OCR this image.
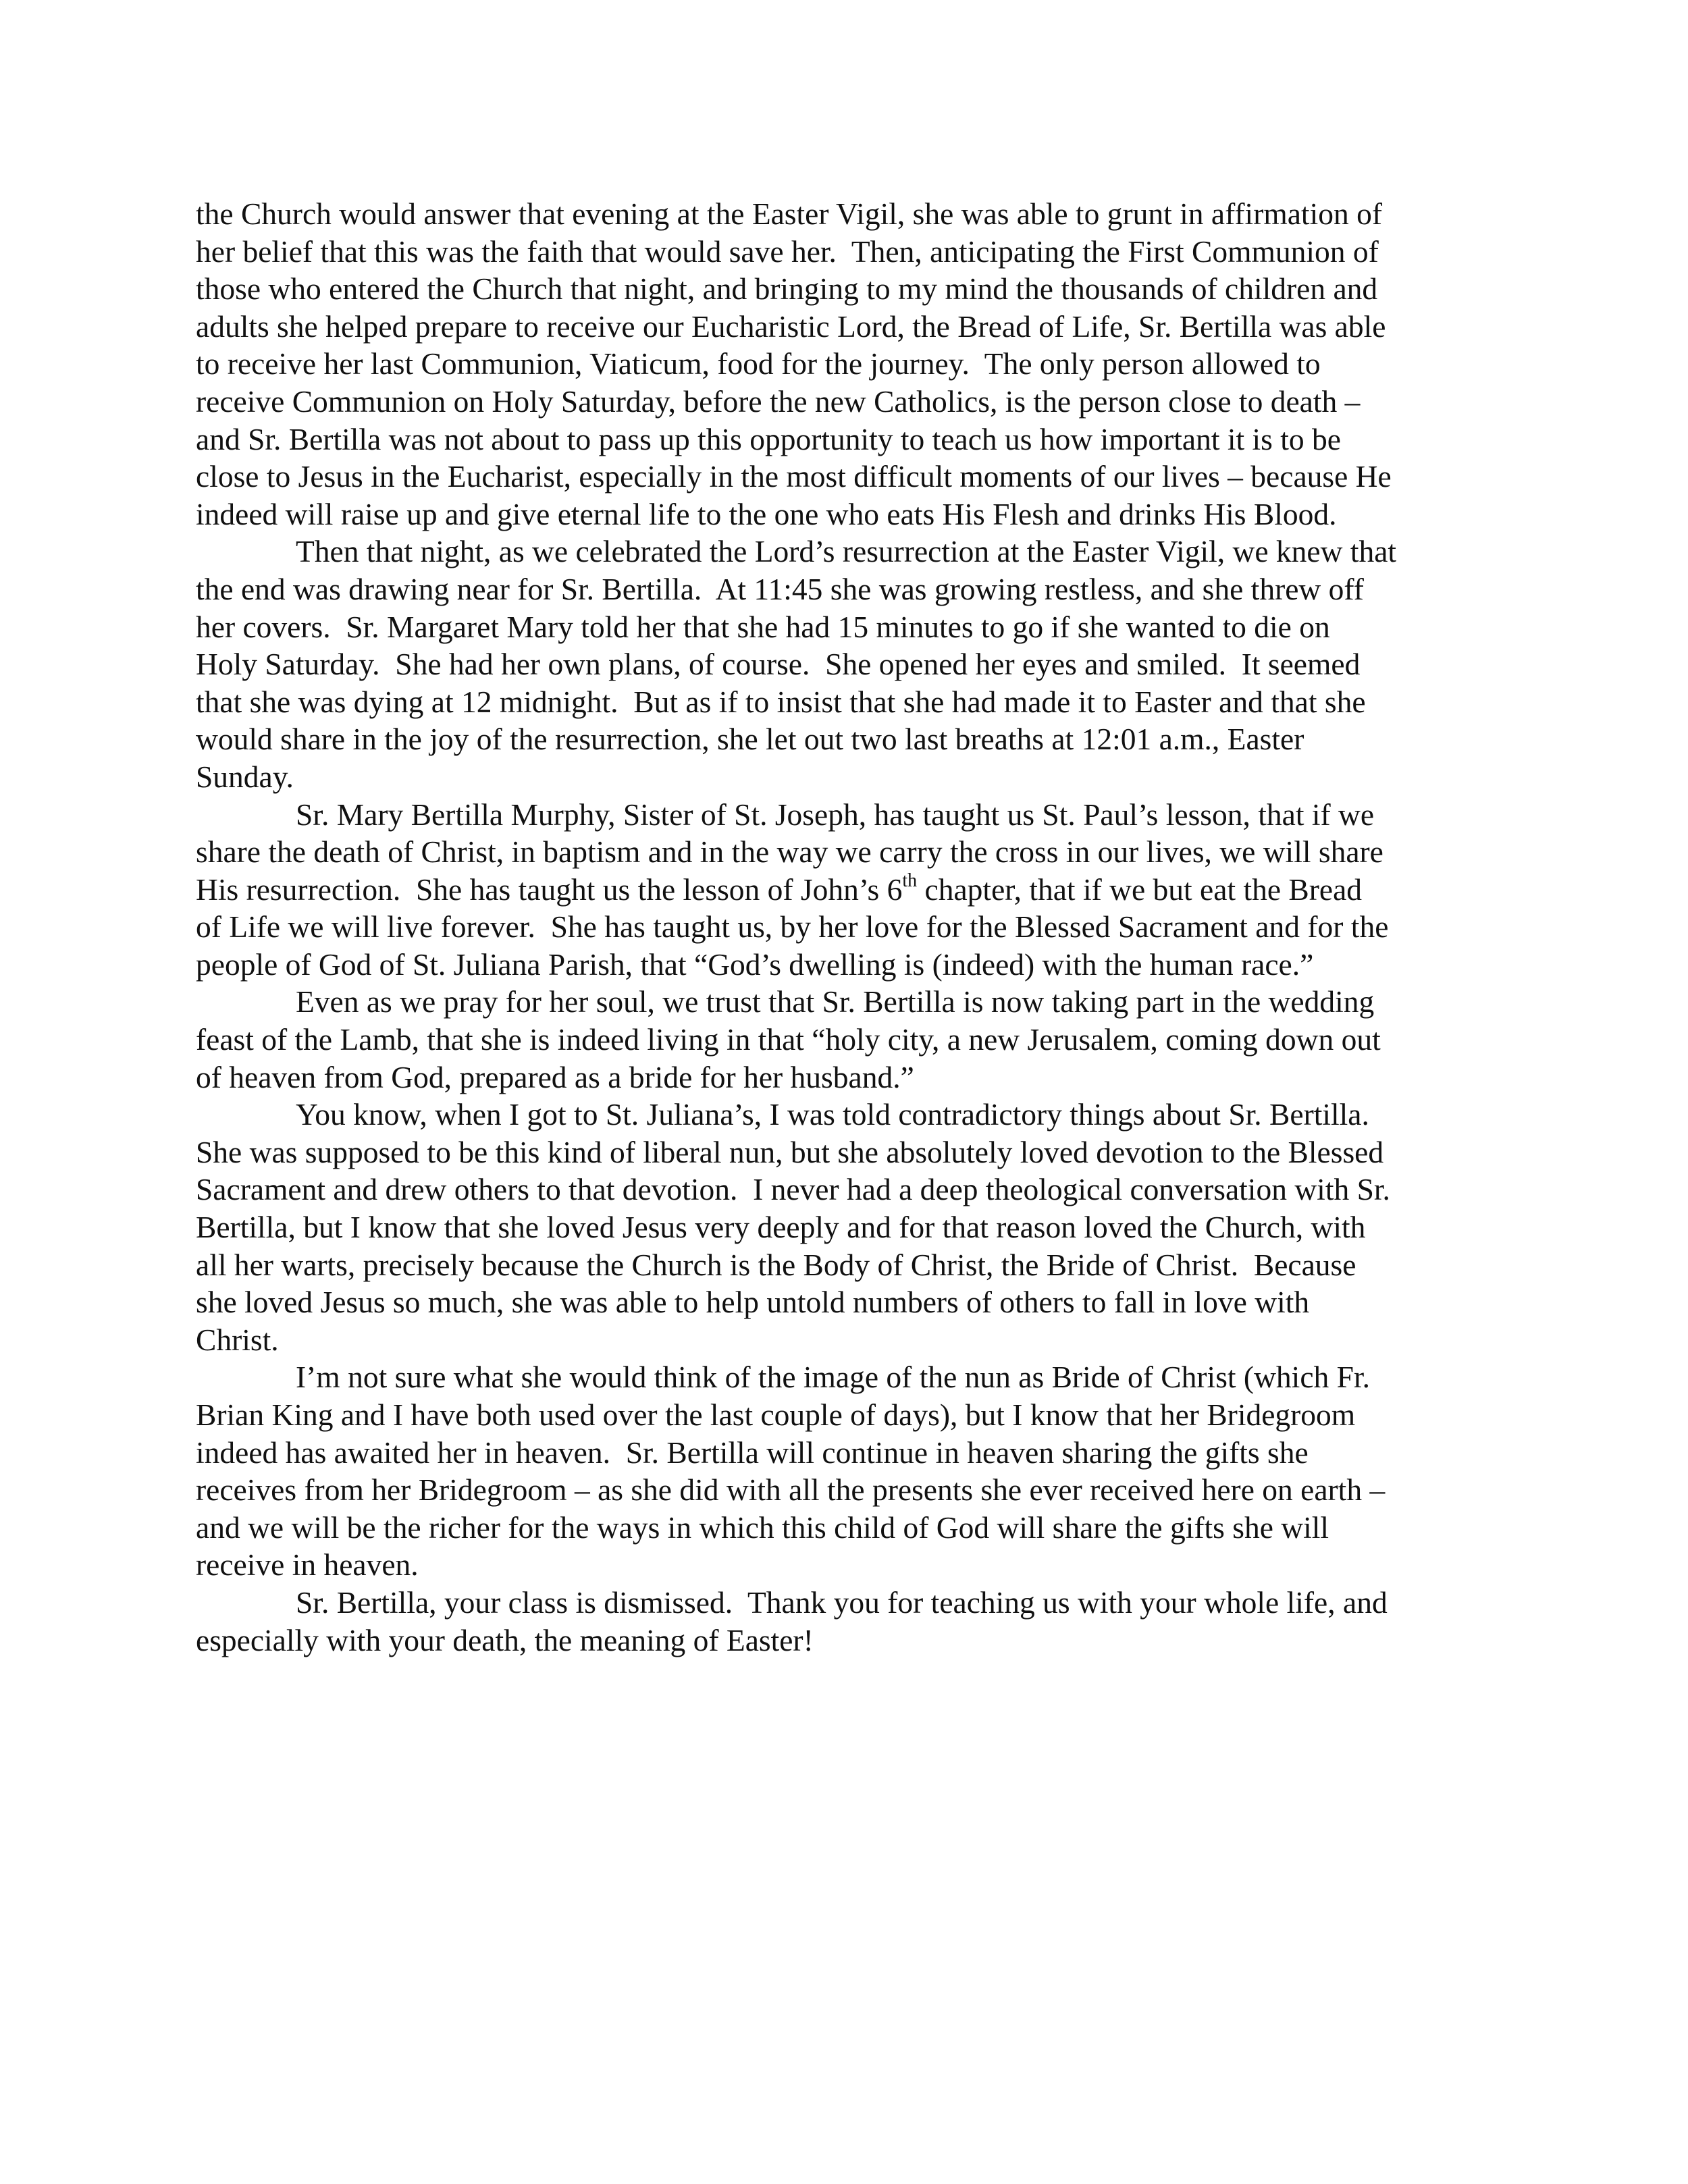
the Church would answer that evening at the Easter Vigil, she was able to grunt in affirmation of
her belief that this was the faith that would save her.  Then, anticipating the First Communion of
those who entered the Church that night, and bringing to my mind the thousands of children and
adults she helped prepare to receive our Eucharistic Lord, the Bread of Life, Sr. Bertilla was able
to receive her last Communion, Viaticum, food for the journey.  The only person allowed to
receive Communion on Holy Saturday, before the new Catholics, is the person close to death –
and Sr. Bertilla was not about to pass up this opportunity to teach us how important it is to be
close to Jesus in the Eucharist, especially in the most difficult moments of our lives – because He
indeed will raise up and give eternal life to the one who eats His Flesh and drinks His Blood.
Then that night, as we celebrated the Lord’s resurrection at the Easter Vigil, we knew that
the end was drawing near for Sr. Bertilla.  At 11:45 she was growing restless, and she threw off
her covers.  Sr. Margaret Mary told her that she had 15 minutes to go if she wanted to die on
Holy Saturday.  She had her own plans, of course.  She opened her eyes and smiled.  It seemed
that she was dying at 12 midnight.  But as if to insist that she had made it to Easter and that she
would share in the joy of the resurrection, she let out two last breaths at 12:01 a.m., Easter
Sunday.
Sr. Mary Bertilla Murphy, Sister of St. Joseph, has taught us St. Paul’s lesson, that if we
share the death of Christ, in baptism and in the way we carry the cross in our lives, we will share
His resurrection.  She has taught us the lesson of John’s 6th chapter, that if we but eat the Bread
of Life we will live forever.  She has taught us, by her love for the Blessed Sacrament and for the
people of God of St. Juliana Parish, that “God’s dwelling is (indeed) with the human race.”
Even as we pray for her soul, we trust that Sr. Bertilla is now taking part in the wedding
feast of the Lamb, that she is indeed living in that “holy city, a new Jerusalem, coming down out
of heaven from God, prepared as a bride for her husband.”
You know, when I got to St. Juliana’s, I was told contradictory things about Sr. Bertilla.
She was supposed to be this kind of liberal nun, but she absolutely loved devotion to the Blessed
Sacrament and drew others to that devotion.  I never had a deep theological conversation with Sr.
Bertilla, but I know that she loved Jesus very deeply and for that reason loved the Church, with
all her warts, precisely because the Church is the Body of Christ, the Bride of Christ.  Because
she loved Jesus so much, she was able to help untold numbers of others to fall in love with
Christ.
I’m not sure what she would think of the image of the nun as Bride of Christ (which Fr.
Brian King and I have both used over the last couple of days), but I know that her Bridegroom
indeed has awaited her in heaven.  Sr. Bertilla will continue in heaven sharing the gifts she
receives from her Bridegroom – as she did with all the presents she ever received here on earth –
and we will be the richer for the ways in which this child of God will share the gifts she will
receive in heaven.
Sr. Bertilla, your class is dismissed.  Thank you for teaching us with your whole life, and
especially with your death, the meaning of Easter!
